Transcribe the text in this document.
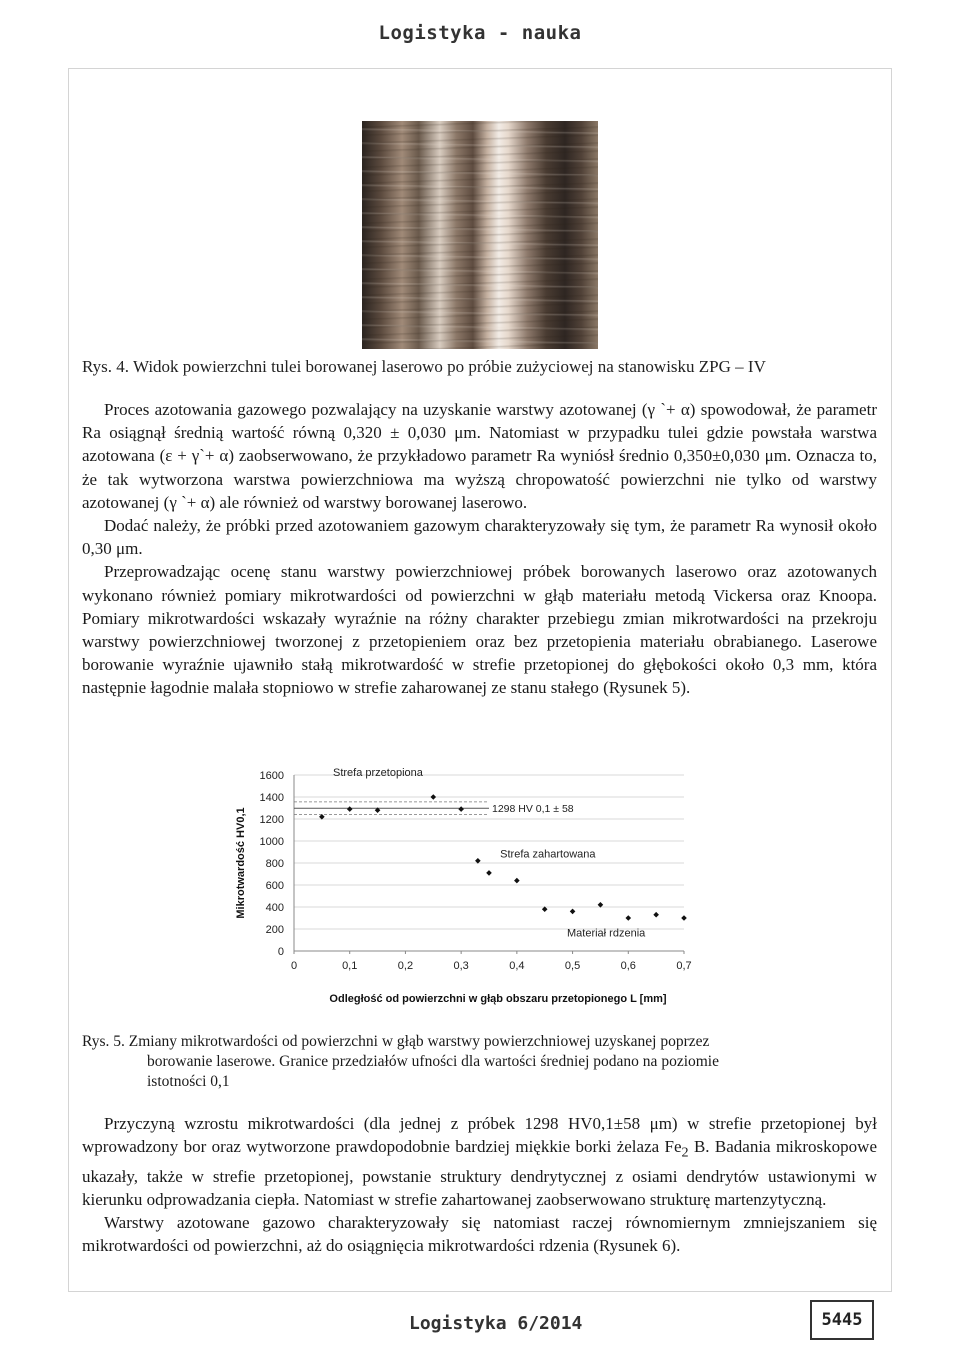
Logistyka - nauka
Rys. 4. Widok powierzchni tulei borowanej laserowo po próbie zużyciowej na stanowisku ZPG – IV

Proces azotowania gazowego pozwalający na uzyskanie warstwy azotowanej (γ `+ α) spowodował, że parametr Ra osiągnął średnią wartość równą 0,320 ± 0,030 μm. Natomiast w przypadku tulei gdzie powstała warstwa azotowana (ε + γ`+ α) zaobserwowano, że przykładowo parametr Ra wyniósł średnio 0,350±0,030 μm. Oznacza to, że tak wytworzona warstwa powierzchniowa ma wyższą chropowatość powierzchni nie tylko od warstwy azotowanej (γ `+ α) ale również od warstwy borowanej laserowo.

Dodać należy, że próbki przed azotowaniem gazowym charakteryzowały się tym, że parametr Ra wynosił około 0,30 μm.

Przeprowadzając ocenę stanu warstwy powierzchniowej próbek borowanych laserowo oraz azotowanych wykonano również pomiary mikrotwardości od powierzchni w głąb materiału metodą Vickersa oraz Knoopa. Pomiary mikrotwardości wskazały wyraźnie na różny charakter przebiegu zmian mikrotwardości na przekroju warstwy powierzchniowej tworzonej z przetopieniem oraz bez przetopienia materiału obrabianego. Laserowe borowanie wyraźnie ujawniło stałą mikrotwardość w strefie przetopionej do głębokości około 0,3 mm, która następnie łagodnie malała stopniowo w strefie zaharowanej ze stanu stałego (Rysunek 5).

0
200
400
600
800
1000
1200
1400
1600
0	0,1	0,2	0,3	0,4	0,5	0,6	0,7
1298 HV 0,1 ± 58
Strefa przetopiona
Strefa zahartowana
Materiał rdzenia
Mikrotwardość HV0,1
Odległość od powierzchni w głąb obszaru przetopionego L [mm]
Rys. 5. Zmiany mikrotwardości od powierzchni w głąb warstwy powierzchniowej uzyskanej poprzez
borowanie laserowe. Granice przedziałów ufności dla wartości średniej podano na poziomie
istotności 0,1

Przyczyną wzrostu mikrotwardości (dla jednej z próbek 1298 HV0,1±58 μm) w strefie przetopionej był wprowadzony bor oraz wytworzone prawdopodobnie bardziej miękkie borki żelaza $Fe_2$ B. Badania mikroskopowe ukazały, także w strefie przetopionej, powstanie struktury dendrytycznej z osiami dendrytów ustawionymi w kierunku odprowadzania ciepła. Natomiast w strefie zahartowanej zaobserwowano strukturę martenzytyczną.

Warstwy azotowane gazowo charakteryzowały się natomiast raczej równomiernym zmniejszaniem się mikrotwardości od powierzchni, aż do osiągnięcia mikrotwardości rdzenia (Rysunek 6).

Logistyka 6/2014	5445
